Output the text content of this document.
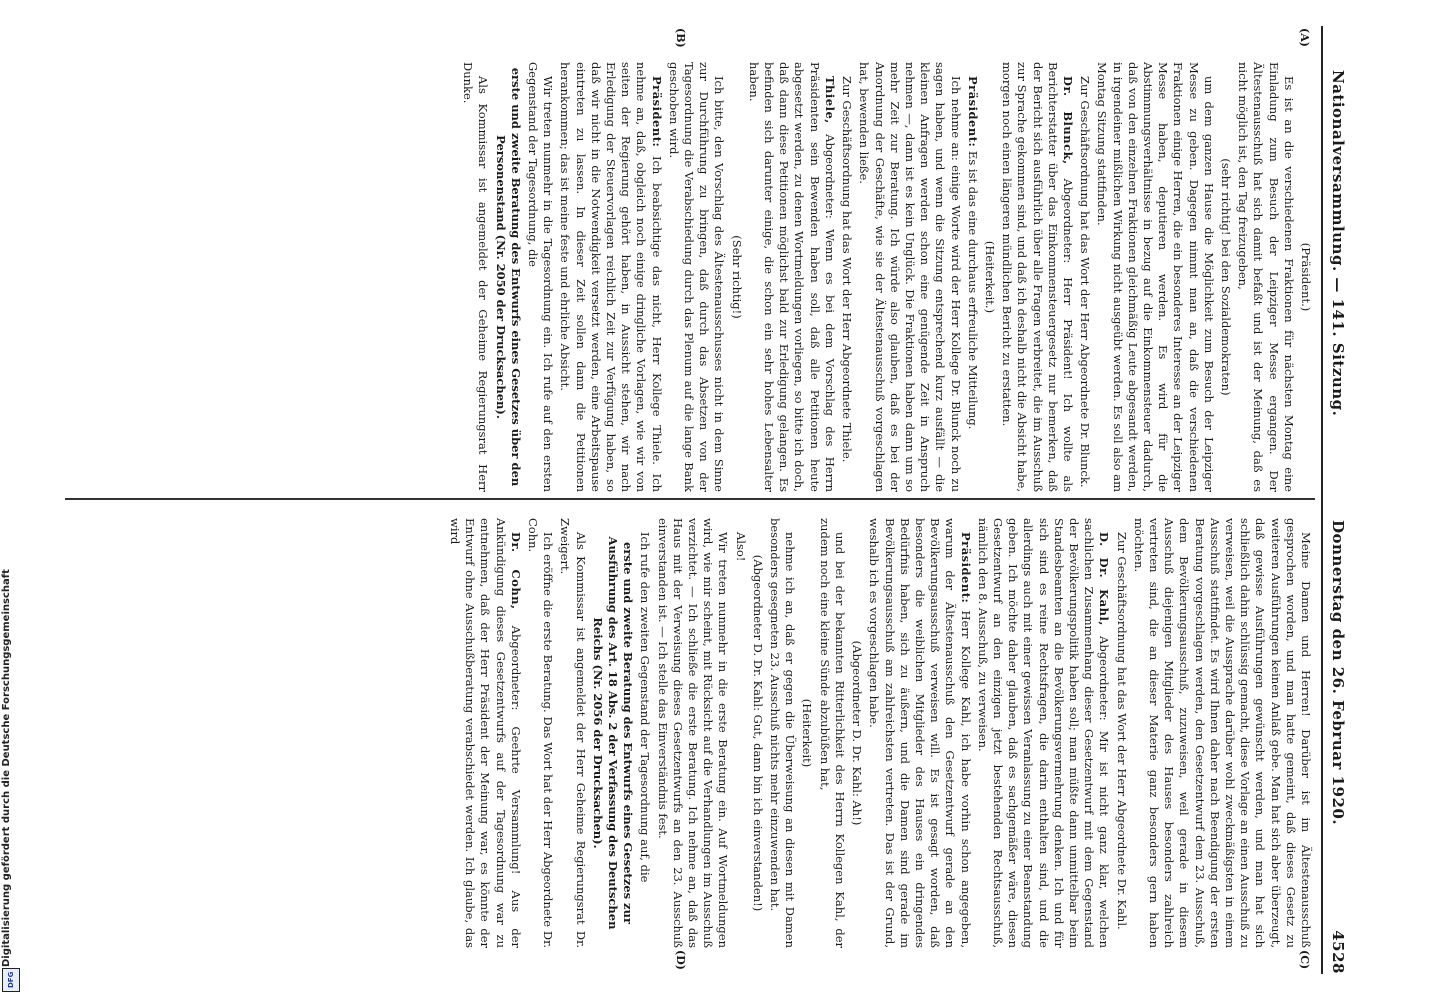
Digitalisierung gefördert durch die Deutsche Forschungsgemeinschaft
DFG
Nationalversammlung. — 141. Sitzung.
Donnerstag den 26. Februar 1920.
4528
(A)
(B)
(C)
(D)

(Präsident.)

Es ist an die verschiedenen Fraktionen für nächsten Montag eine Einladung zum Besuch der Leipziger Messe ergangen. Der Ältestenausschuß hat sich damit befaßt und ist der Meinung, daß es nicht möglich ist, den Tag freizugeben,

(sehr richtig! bei den Sozialdemokraten)

um dem ganzen Hause die Möglichkeit zum Besuch der Leipziger Messe zu geben. Dagegen nimmt man an, daß die verschiedenen Fraktionen einige Herren, die ein besonderes Interesse an der Leipziger Messe haben, deputieren werden. Es wird für die Abstimmungsverhältnisse in bezug auf die Einkommensteuer dadurch, daß von den einzelnen Fraktionen gleichmäßig Leute abgesandt werden, in irgendeiner mißlichen Wirkung nicht ausgeübt werden. Es soll also am Montag Sitzung stattfinden.

Zur Geschäftsordnung hat das Wort der Herr Abgeordnete Dr. Blunck.

Dr. Blunck, Abgeordneter: Herr Präsident! Ich wollte als Berichterstatter über das Einkommensteuergesetz nur bemerken, daß der Bericht sich ausführlich über alle Fragen verbreitet, die im Ausschuß zur Sprache gekommen sind, und daß ich deshalb nicht die Absicht habe, morgen noch einen längeren mündlichen Bericht zu erstatten.

(Heiterkeit.)

Präsident: Es ist das eine durchaus erfreuliche Mitteilung.

Ich nehme an: einige Worte wird der Herr Kollege Dr. Blunck noch zu sagen haben, und wenn die Sitzung entsprechend kurz ausfällt — die kleinen Anfragen werden schon eine genügende Zeit in Anspruch nehmen —, dann ist es kein Unglück. Die Fraktionen haben dann um so mehr Zeit zur Beratung. Ich würde also glauben, daß es bei der Anordnung der Geschäfte, wie sie der Ältestenausschuß vorgeschlagen hat, bewenden ließe.

Zur Geschäftsordnung hat das Wort der Herr Abgeordnete Thiele.

Thiele, Abgeordneter: Wenn es bei dem Vorschlag des Herrn Präsidenten sein Bewenden haben soll, daß alle Petitionen heute abgesetzt werden, zu denen Wortmeldungen vorliegen, so bitte ich doch, daß dann diese Petitionen möglichst bald zur Erledigung gelangen. Es befinden sich darunter einige, die schon ein sehr hohes Lebensalter haben.

(Sehr richtig!)

Ich bitte, den Vorschlag des Ältestenausschusses nicht in dem Sinne zur Durchführung zu bringen, daß durch das Absetzen von der Tagesordnung die Verabschiedung durch das Plenum auf die lange Bank geschoben wird.

Präsident: Ich beabsichtige das nicht, Herr Kollege Thiele. Ich nehme an, daß, obgleich noch einige dringliche Vorlagen, wie wir von seiten der Regierung gehört haben, in Aussicht stehen, wir nach Erledigung der Steuervorlagen reichlich Zeit zur Verfügung haben, so daß wir nicht in die Notwendigkeit versetzt werden, eine Arbeitspause eintreten zu lassen. In dieser Zeit sollen dann die Petitionen herankommen; das ist meine feste und ehrliche Absicht.

Wir treten nunmehr in die Tagesordnung ein. Ich rufe auf den ersten Gegenstand der Tagesordnung, die

erste und zweite Beratung des Entwurfs eines Gesetzes über den Personenstand (Nr. 2050 der Drucksachen).

Als Kommissar ist angemeldet der Geheime Regierungsrat Herr Dunke.

Meine Damen und Herren! Darüber ist im Ältestenausschuß gesprochen worden, und man hatte gemeint, daß dieses Gesetz zu weiteren Ausführungen keinen Anlaß gebe. Man hat sich aber überzeugt, daß gewisse Ausführungen gewünscht werden, und man hat sich schließlich dahin schlüssig gemacht, diese Vorlage an einen Ausschuß zu verweisen, weil die Aussprache darüber wohl zweckmäßigsten in einem Ausschuß stattfindet. Es wird Ihnen daher nach Beendigung der ersten Beratung vorgeschlagen werden, den Gesetzentwurf dem 23. Ausschuß, dem Bevölkerungsausschuß, zuzuweisen, weil gerade in diesem Ausschuß diejenigen Mitglieder des Hauses besonders zahlreich vertreten sind, die an dieser Materie ganz besonders gern haben möchten.

Zur Geschäftsordnung hat das Wort der Herr Abgeordnete Dr. Kahl.

D. Dr. Kahl, Abgeordneter: Mir ist nicht ganz klar, welchen sachlichen Zusammenhang dieser Gesetzentwurf mit dem Gegenstand der Bevölkerungspolitik haben soll; man müßte dann unmittelbar beim Standesbeamten an die Bevölkerungsvermehrung denken. Ich und für sich sind es reine Rechtsfragen, die darin enthalten sind, und die allerdings auch mit einer gewissen Veranlassung zu einer Beanstandung geben. Ich möchte daher glauben, daß es sachgemäßer wäre, diesen Gesetzentwurf an den einzigen jetzt bestehenden Rechtsausschuß, nämlich den 8. Ausschuß, zu verweisen.

Präsident: Herr Kollege Kahl, ich habe vorhin schon angegeben, warum der Ältestenausschuß den Gesetzentwurf gerade an den Bevölkerungsausschuß verweisen will. Es ist gesagt worden, daß besonders die weiblichen Mitglieder des Hauses ein dringendes Bedürfnis haben, sich zu äußern, und die Damen sind gerade im Bevölkerungsausschuß am zahlreichsten vertreten. Das ist der Grund, weshalb ich es vorgeschlagen habe.

(Abgeordneter D. Dr. Kahl: Ah!)

und bei der bekannten Ritterlichkeit des Herrn Kollegen Kahl, der zudem noch eine kleine Sünde abzubüßen hat,

(Heiterkeit)

nehme ich an, daß er gegen die Überweisung an diesen mit Damen besonders gesegneten 23. Ausschuß nichts mehr einzuwenden hat.

(Abgeordneter D. Dr. Kahl: Gut, dann bin ich einverstanden!)

Also!

Wir treten nunmehr in die erste Beratung ein. Auf Wortmeldungen wird, wie mir scheint, mit Rücksicht auf die Verhandlungen im Ausschuß verzichtet. — Ich schließe die erste Beratung. Ich nehme an, daß das Haus mit der Verweisung dieses Gesetzentwurfs an den 23. Ausschuß einverstanden ist. — Ich stelle das Einverständnis fest.

Ich rufe den zweiten Gegenstand der Tagesordnung auf, die

erste und zweite Beratung des Entwurfs eines Gesetzes zur Ausführung des Art. 18 Abs. 2 der Verfassung des Deutschen Reichs (Nr. 2056 der Drucksachen).

Als Kommissar ist angemeldet der Herr Geheime Regierungsrat Dr. Zweigert.

Ich eröffne die erste Beratung. Das Wort hat der Herr Abgeordnete Dr. Cohn.

Dr. Cohn, Abgeordneter: Geehrte Versammlung! Aus der Ankündigung dieses Gesetzentwurfs auf der Tagesordnung war zu entnehmen, daß der Herr Präsident der Meinung war, es könnte der Entwurf ohne Ausschußberatung verabschiedet werden. Ich glaube, das wird
